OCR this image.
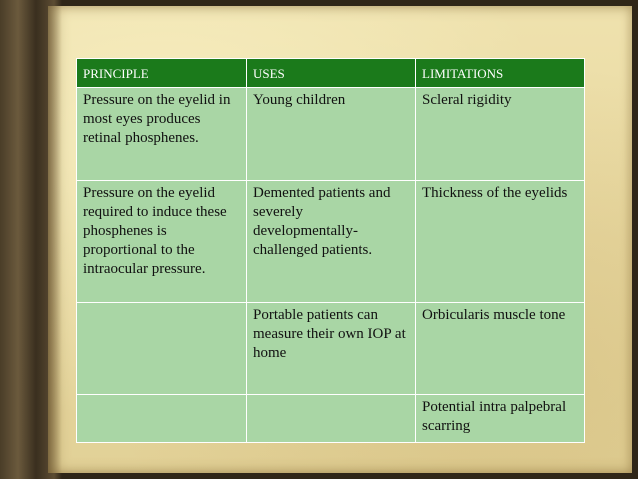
PRINCIPLE	USES	LIMITATIONS
Pressure on the eyelid in most eyes produces retinal phosphenes.	Young children	Scleral rigidity
Pressure on the eyelid required to induce these phosphenes is proportional to the intraocular pressure.	Demented patients and severely developmentally-challenged patients.	Thickness of the eyelids
	Portable patients can measure their own IOP at home	Orbicularis muscle tone
		Potential intra palpebral scarring
